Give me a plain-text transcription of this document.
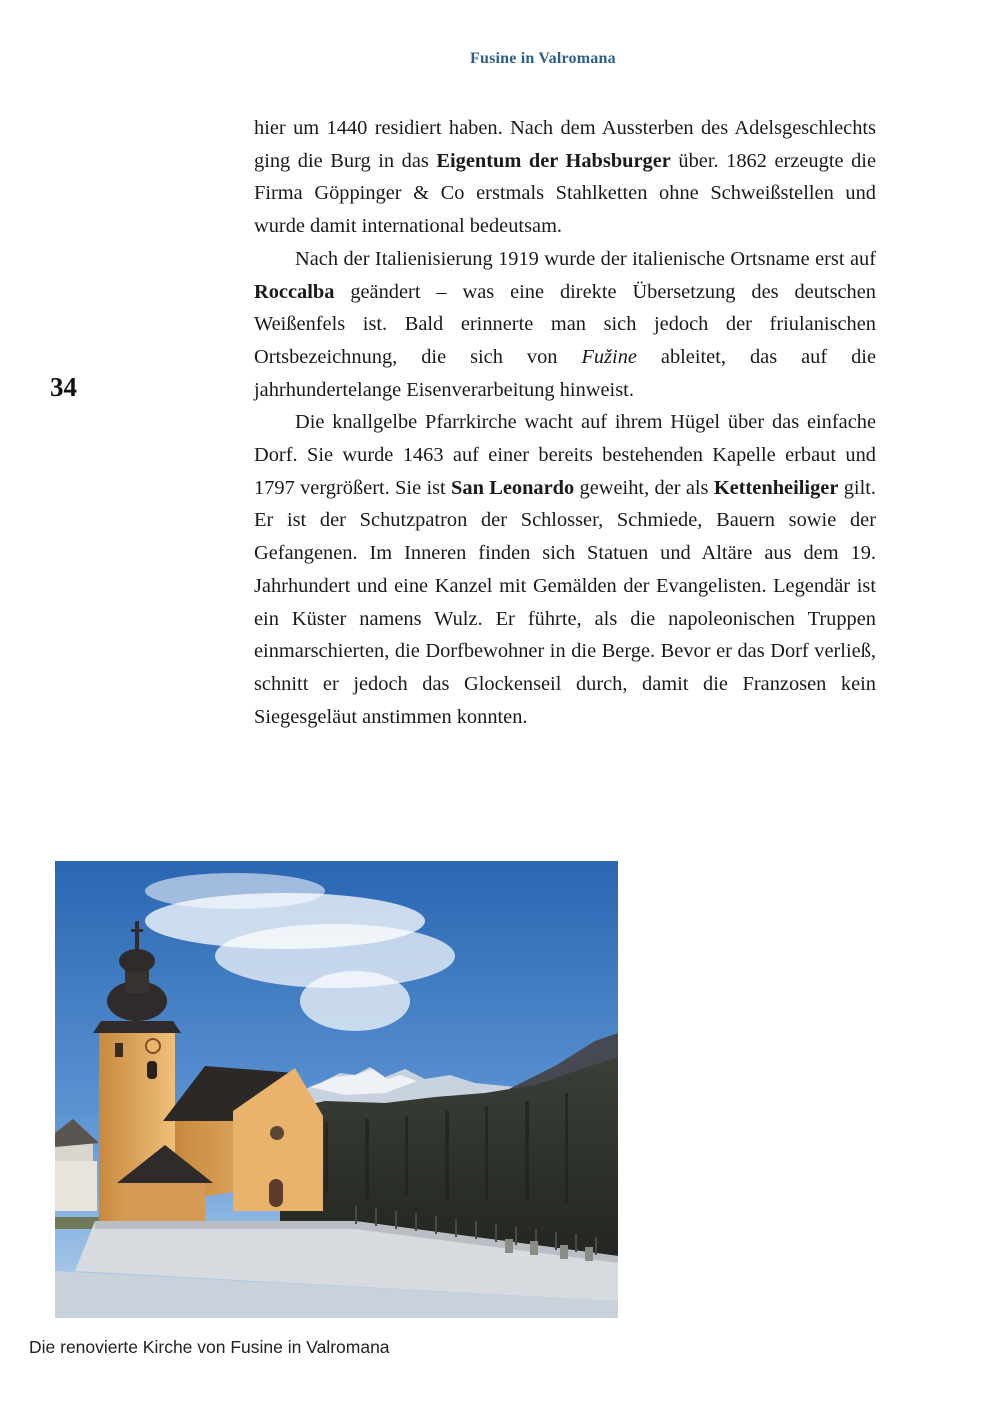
Fusine in Valromana
34

hier um 1440 residiert haben. Nach dem Aussterben des Adelsgeschlechts ging die Burg in das Eigentum der Habsburger über. 1862 erzeugte die Firma Göppinger & Co erstmals Stahlketten ohne Schweißstellen und wurde damit international bedeutsam.

Nach der Italienisierung 1919 wurde der italienische Ortsname erst auf Roccalba geändert – was eine direkte Übersetzung des deutschen Weißenfels ist. Bald erinnerte man sich jedoch der friulanischen Ortsbezeichnung, die sich von Fužine ableitet, das auf die jahrhundertelange Eisenverarbeitung hinweist.

Die knallgelbe Pfarrkirche wacht auf ihrem Hügel über das einfache Dorf. Sie wurde 1463 auf einer bereits bestehenden Kapelle erbaut und 1797 vergrößert. Sie ist San Leonardo geweiht, der als Kettenheiliger gilt. Er ist der Schutzpatron der Schlosser, Schmiede, Bauern sowie der Gefangenen. Im Inneren finden sich Statuen und Altäre aus dem 19. Jahrhundert und eine Kanzel mit Gemälden der Evangelisten. Legendär ist ein Küster namens Wulz. Er führte, als die napoleonischen Truppen einmarschierten, die Dorfbewohner in die Berge. Bevor er das Dorf verließ, schnitt er jedoch das Glockenseil durch, damit die Franzosen kein Siegesgeläut anstimmen konnten.

Die renovierte Kirche von Fusine in Valromana
